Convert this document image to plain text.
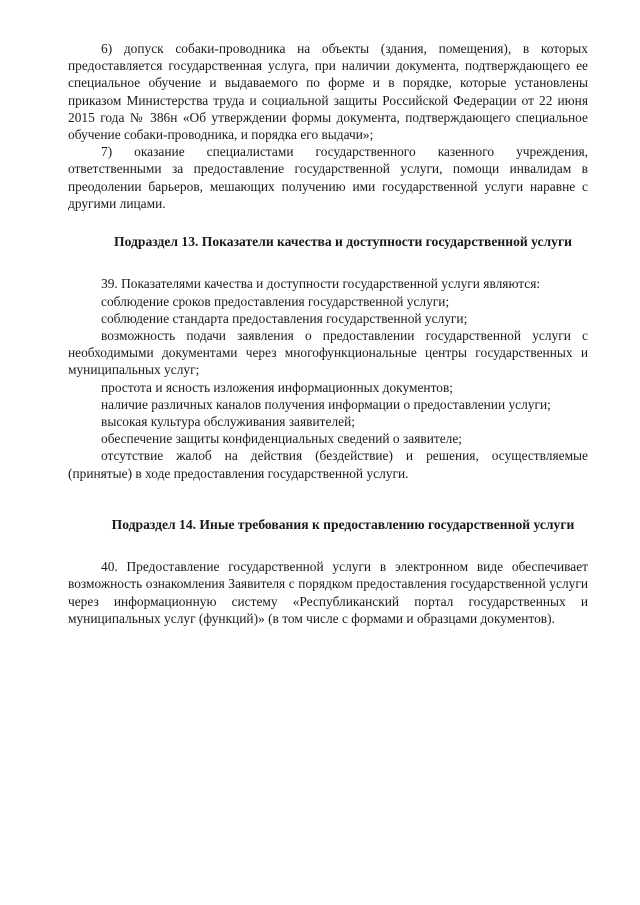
6) допуск собаки-проводника на объекты (здания, помещения), в которых предоставляется государственная услуга, при наличии документа, подтверждающего ее специальное обучение и выдаваемого по форме и в порядке, которые установлены приказом Министерства труда и социальной защиты Российской Федерации от 22 июня 2015 года № 386н «Об утверждении формы документа, подтверждающего специальное обучение собаки-проводника, и порядка его выдачи»;

7) оказание специалистами государственного казенного учреждения, ответственными за предоставление государственной услуги, помощи инвалидам в преодолении барьеров, мешающих получению ими государственной услуги наравне с другими лицами.

Подраздел 13. Показатели качества и доступности государственной услуги

39. Показателями качества и доступности государственной услуги являются:

соблюдение сроков предоставления государственной услуги;

соблюдение стандарта предоставления государственной услуги;

возможность подачи заявления о предоставлении государственной услуги с необходимыми документами через многофункциональные центры государственных и муниципальных услуг;

простота и ясность изложения информационных документов;

наличие различных каналов получения информации о предоставлении услуги;

высокая культура обслуживания заявителей;

обеспечение защиты конфиденциальных сведений о заявителе;

отсутствие жалоб на действия (бездействие) и решения, осуществляемые (принятые) в ходе предоставления государственной услуги.

Подраздел 14. Иные требования к предоставлению государственной услуги

40. Предоставление государственной услуги в электронном виде обеспечивает возможность ознакомления Заявителя с порядком предоставления государственной услуги через информационную систему «Республиканский портал государственных и муниципальных услуг (функций)» (в том числе с формами и образцами документов).
